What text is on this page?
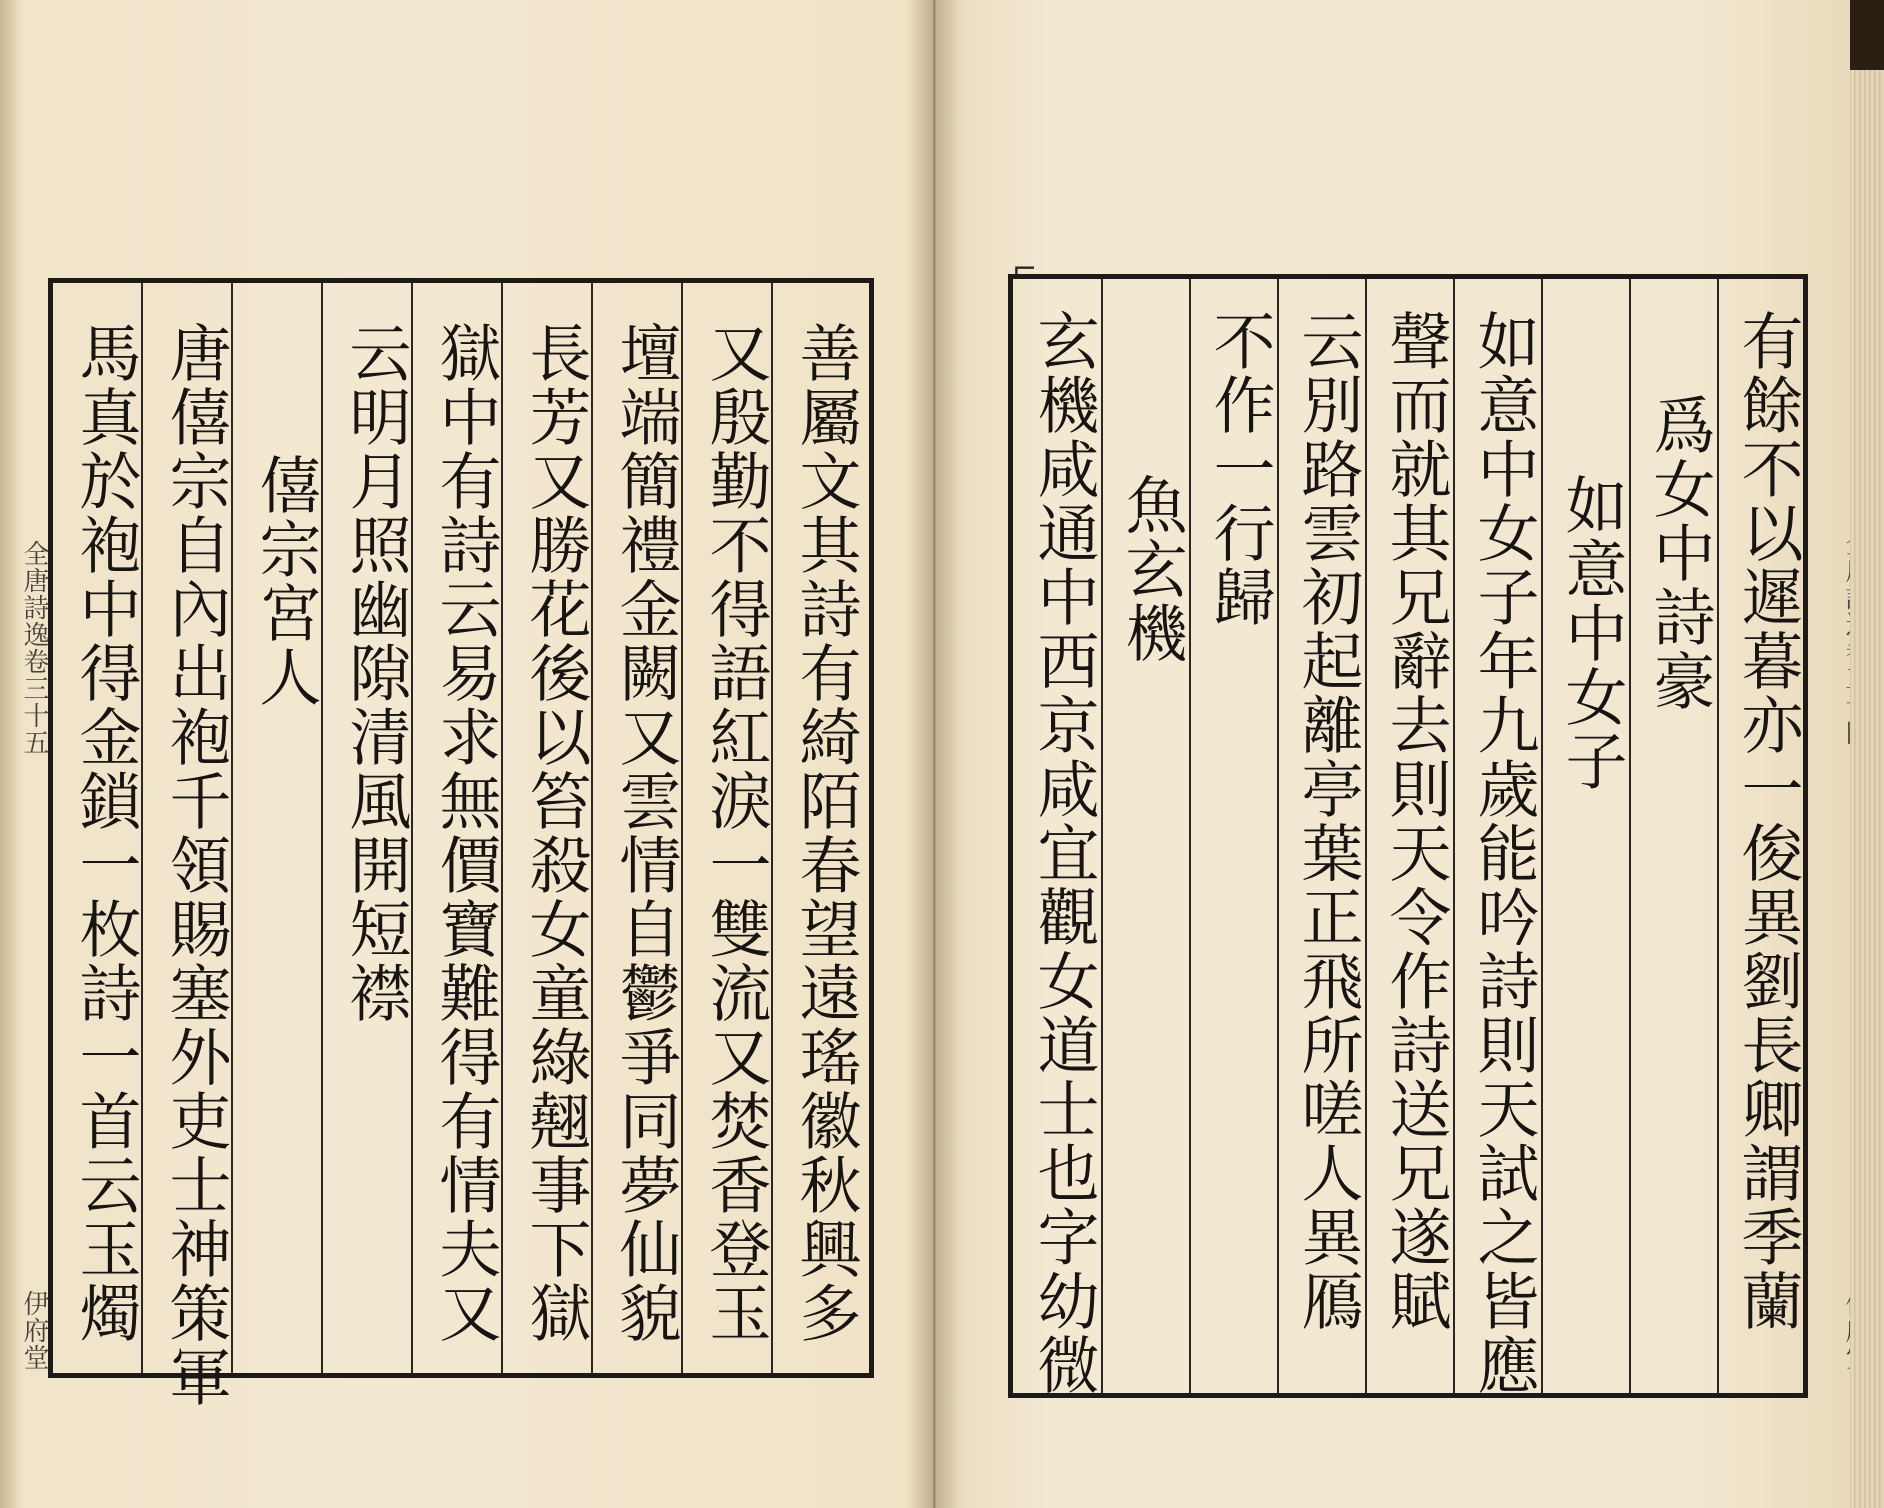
全唐詩逸卷三十五
伊府堂	善屬文其詩有綺陌春望遠瑤徽秋興多
又殷勤不得語紅淚一雙流又焚香登玉
壇端簡禮金闕又雲情自鬱爭同夢仙貌
長芳又勝花後以笞殺女童綠翹事下獄
獄中有詩云易求無價寶難得有情夫又
云明月照幽隙清風開短襟
僖宗宮人
唐僖宗自內出袍千領賜塞外吏士神策軍
馬真於袍中得金鎖一枚詩一首云玉燭
⌐
有餘不以遲暮亦一俊異劉長卿謂季蘭
爲女中詩豪
如意中女子
如意中女子年九歲能吟詩則天試之皆應
聲而就其兄辭去則天令作詩送兄遂賦
云別路雲初起離亭葉正飛所嗟人異鴈
不作一行歸
魚玄機
玄機咸通中西京咸宜觀女道士也字幼微
